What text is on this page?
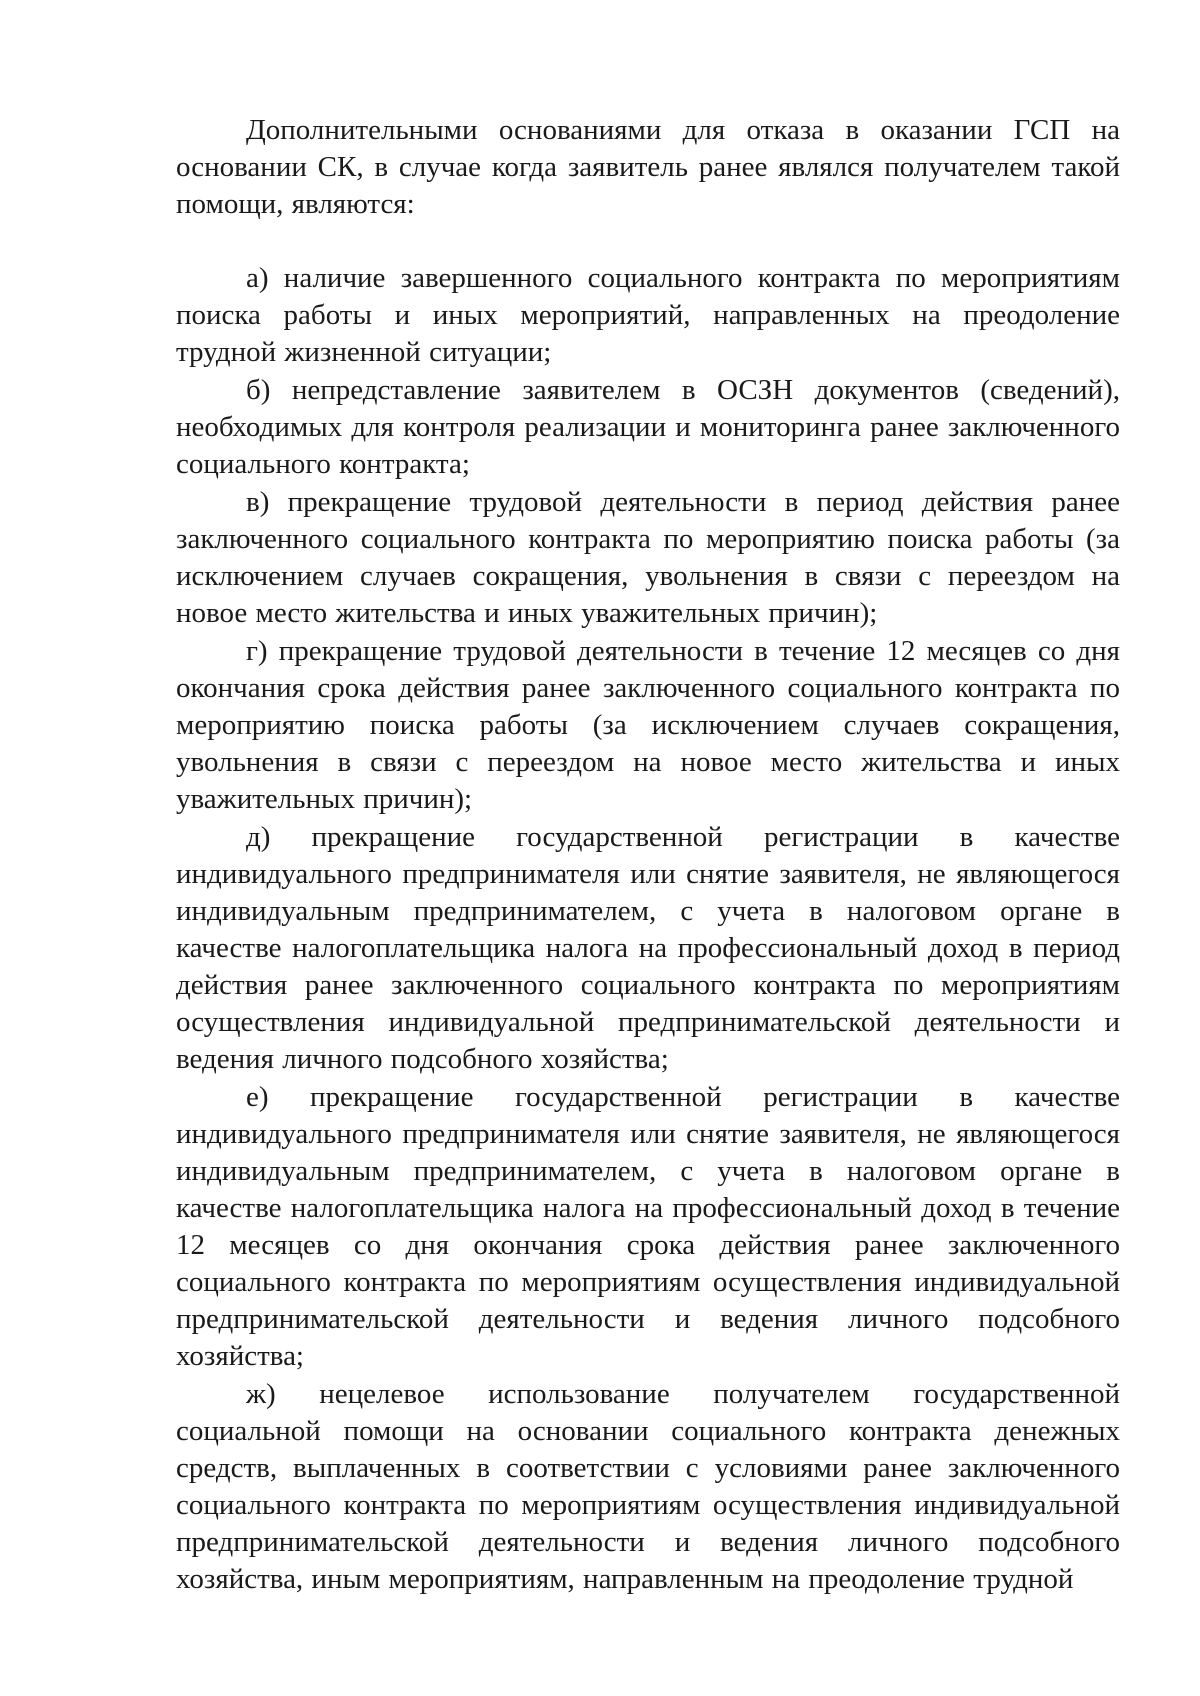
Дополнительными основаниями для отказа в оказании ГСП на основании СК, в случае когда заявитель ранее являлся получателем такой помощи, являются:

а) наличие завершенного социального контракта по мероприятиям поиска работы и иных мероприятий, направленных на преодоление трудной жизненной ситуации;

б) непредставление заявителем в ОСЗН документов (сведений), необходимых для контроля реализации и мониторинга ранее заключенного социального контракта;

в) прекращение трудовой деятельности в период действия ранее заключенного социального контракта по мероприятию поиска работы (за исключением случаев сокращения, увольнения в связи с переездом на новое место жительства и иных уважительных причин);

г) прекращение трудовой деятельности в течение 12 месяцев со дня окончания срока действия ранее заключенного социального контракта по мероприятию поиска работы (за исключением случаев сокращения, увольнения в связи с переездом на новое место жительства и иных уважительных причин);

д) прекращение государственной регистрации в качестве индивидуального предпринимателя или снятие заявителя, не являющегося индивидуальным предпринимателем, с учета в налоговом органе в качестве налогоплательщика налога на профессиональный доход в период действия ранее заключенного социального контракта по мероприятиям осуществления индивидуальной предпринимательской деятельности и ведения личного подсобного хозяйства;

е) прекращение государственной регистрации в качестве индивидуального предпринимателя или снятие заявителя, не являющегося индивидуальным предпринимателем, с учета в налоговом органе в качестве налогоплательщика налога на профессиональный доход в течение 12 месяцев со дня окончания срока действия ранее заключенного социального контракта по мероприятиям осуществления индивидуальной предпринимательской деятельности и ведения личного подсобного хозяйства;

ж) нецелевое использование получателем государственной социальной помощи на основании социального контракта денежных средств, выплаченных в соответствии с условиями ранее заключенного социального контракта по мероприятиям осуществления индивидуальной предпринимательской деятельности и ведения личного подсобного хозяйства, иным мероприятиям, направленным на преодоление трудной
